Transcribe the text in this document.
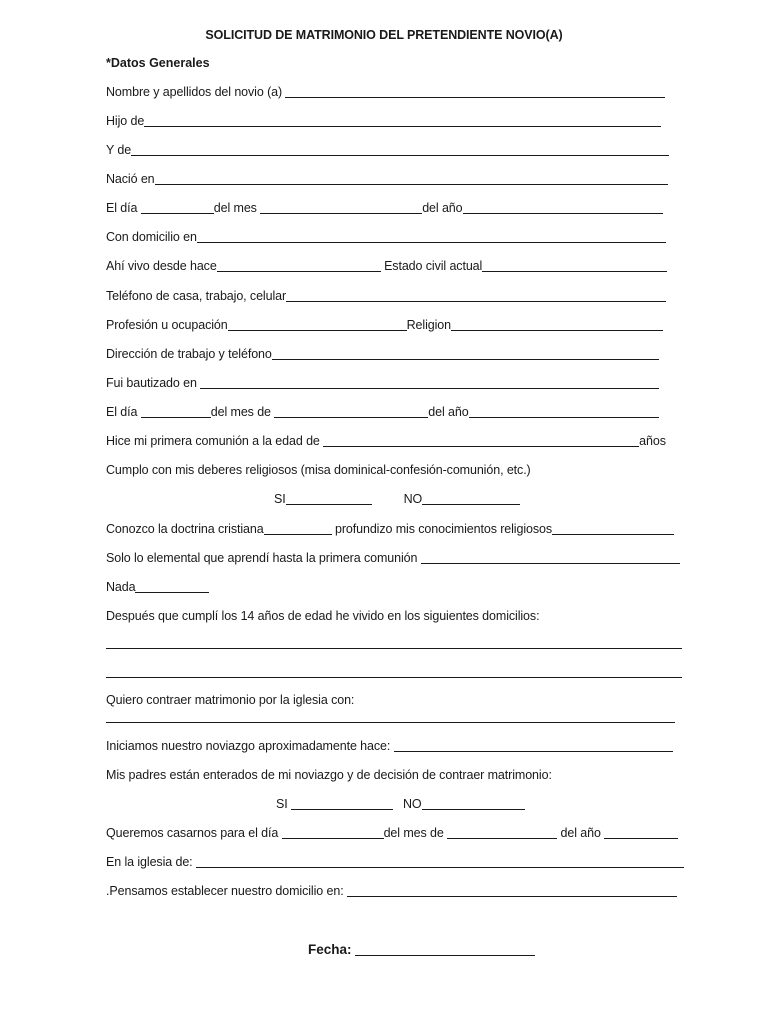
SOLICITUD DE MATRIMONIO DEL PRETENDIENTE NOVIO(A)
*Datos Generales
Nombre y apellidos del novio (a)
Hijo de
Y de
Nació en
El día	del mes	del año
Con domicilio en
Ahí vivo desde hace	Estado civil actual
Teléfono de casa, trabajo, celular
Profesión u ocupación	Religion
Dirección de trabajo y teléfono
Fui bautizado en
El día	del mes de	del año
Hice mi primera comunión a la edad de	años
Cumplo con mis deberes religiosos (misa dominical-confesión-comunión, etc.)
SI	NO
Conozco la doctrina cristiana	profundizo mis conocimientos religiosos
Solo lo elemental que aprendí hasta la primera comunión
Nada
Después que cumplí los 14 años de edad he vivido en los siguientes domicilios:
Quiero contraer matrimonio por la iglesia con:
Iniciamos nuestro noviazgo aproximadamente hace:
Mis padres están enterados de mi noviazgo y de decisión de contraer matrimonio:
SI	NO
Queremos casarnos para el día	del mes de	del año
En la iglesia de:
.Pensamos establecer nuestro domicilio en:
Fecha:
